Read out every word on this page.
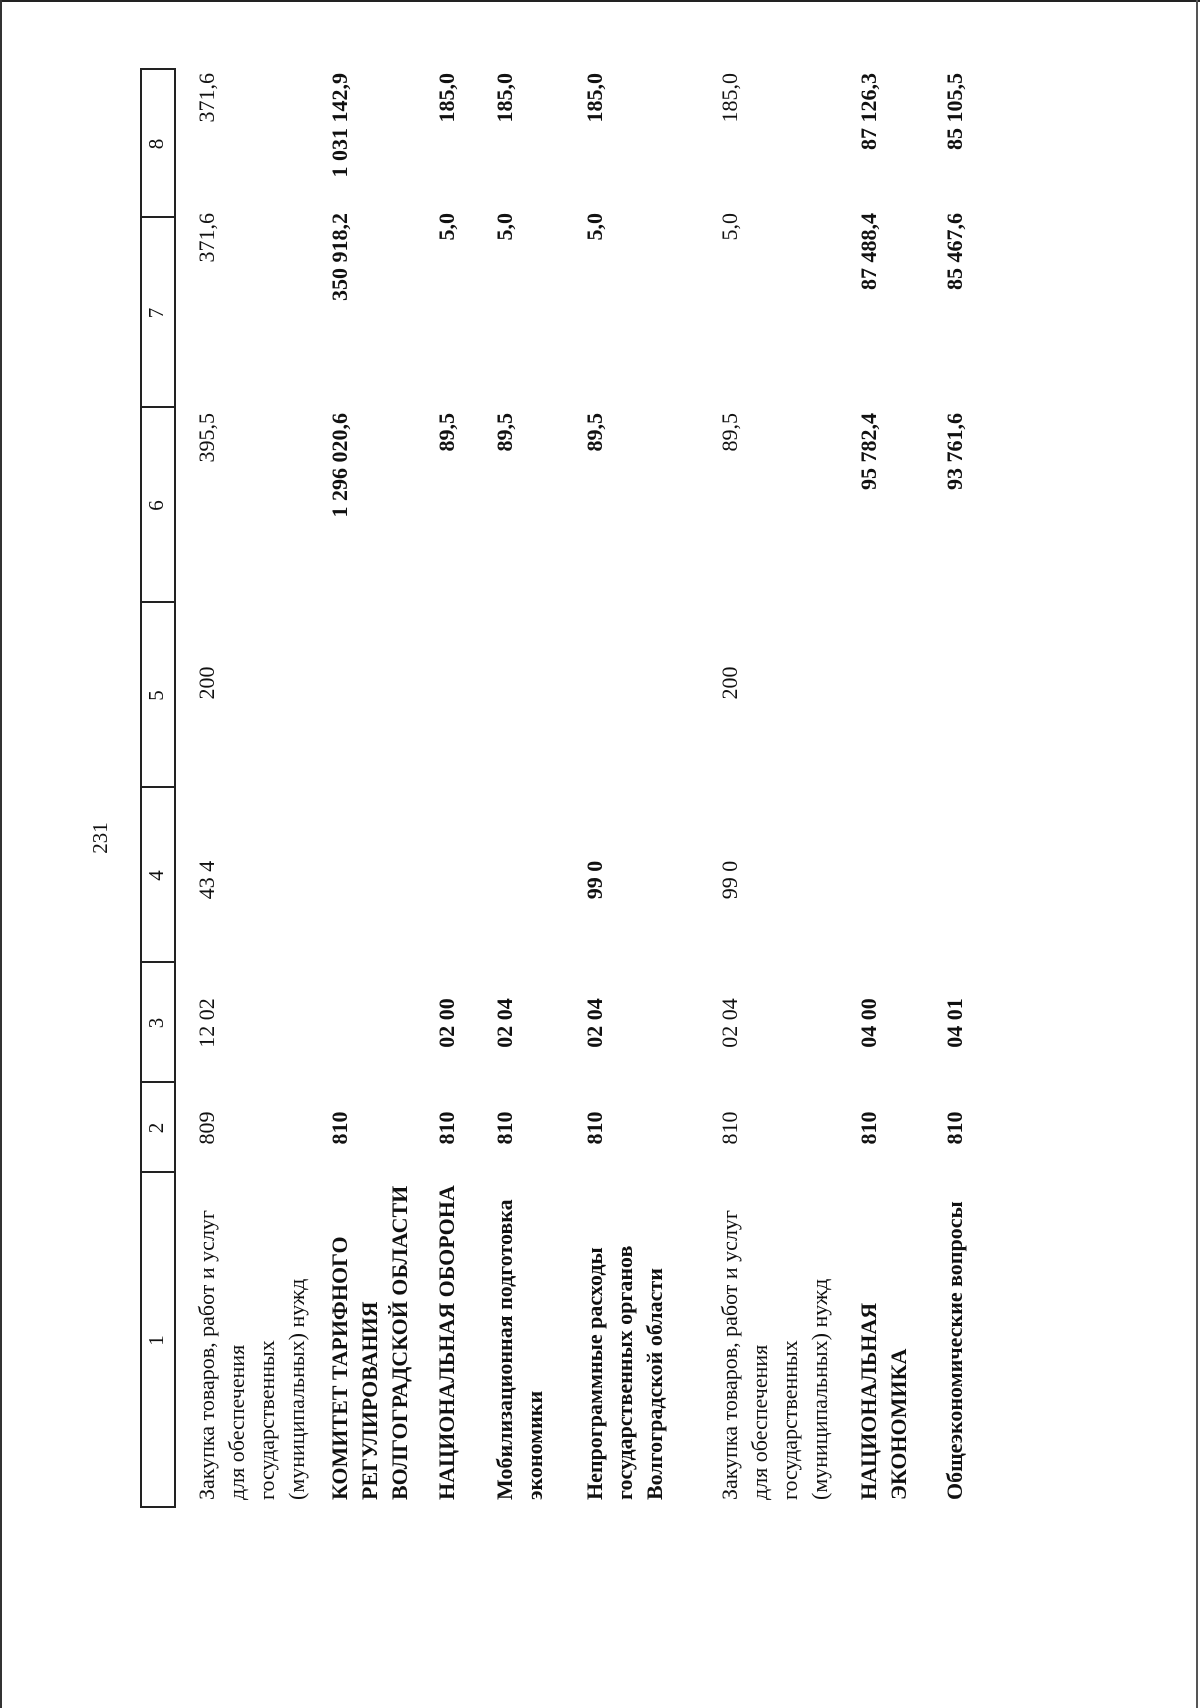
231
1
2
3
4
5
6
7
8
Закупка товаров, работ и услуг для обеспечения государственных (муниципальных) нужд
809
12 02
43 4
200
395,5
371,6
371,6
КОМИТЕТ ТАРИФНОГО РЕГУЛИРОВАНИЯ ВОЛГОГРАДСКОЙ ОБЛАСТИ
810
1 296 020,6
350 918,2
1 031 142,9
НАЦИОНАЛЬНАЯ ОБОРОНА
810
02 00
89,5
5,0
185,0
Мобилизационная подготовка экономики
810
02 04
89,5
5,0
185,0
Непрограммные расходы государственных органов Волгоградской области
810
02 04
99 0
89,5
5,0
185,0
Закупка товаров, работ и услуг для обеспечения государственных (муниципальных) нужд
810
02 04
99 0
200
89,5
5,0
185,0
НАЦИОНАЛЬНАЯ ЭКОНОМИКА
810
04 00
95 782,4
87 488,4
87 126,3
Общеэкономические вопросы
810
04 01
93 761,6
85 467,6
85 105,5
